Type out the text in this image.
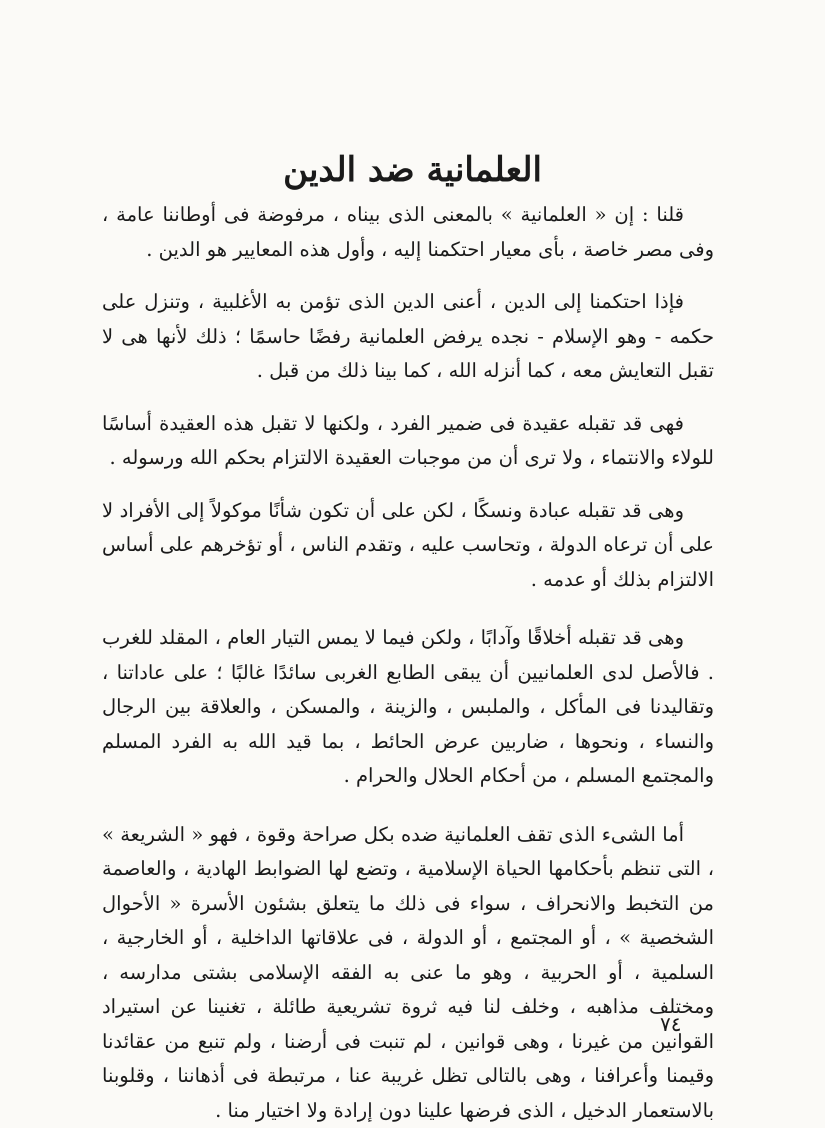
العلمانية ضد الدين

قلنا : إن « العلمانية » بالمعنى الذى بيناه ، مرفوضة فى أوطاننا عامة ، وفى مصر خاصة ، بأى معيار احتكمنا إليه ، وأول هذه المعايير هو الدين .

فإذا احتكمنا إلى الدين ، أعنى الدين الذى تؤمن به الأغلبية ، وتنزل على حكمه - وهو الإسلام - نجده يرفض العلمانية رفضًا حاسمًا ؛ ذلك لأنها هى لا تقبل التعايش معه ، كما أنزله الله ، كما بينا ذلك من قبل .

فهى قد تقبله عقيدة فى ضمير الفرد ، ولكنها لا تقبل هذه العقيدة أساسًا للولاء والانتماء ، ولا ترى أن من موجبات العقيدة الالتزام بحكم الله ورسوله .

وهى قد تقبله عبادة ونسكًا ، لكن على أن تكون شأنًا موكولاً إلى الأفراد لا على أن ترعاه الدولة ، وتحاسب عليه ، وتقدم الناس ، أو تؤخرهم على أساس الالتزام بذلك أو عدمه .

وهى قد تقبله أخلاقًا وآدابًا ، ولكن فيما لا يمس التيار العام ، المقلد للغرب . فالأصل لدى العلمانيين أن يبقى الطابع الغربى سائدًا غالبًا ؛ على عاداتنا ، وتقاليدنا فى المأكل ، والملبس ، والزينة ، والمسكن ، والعلاقة بين الرجال والنساء ، ونحوها ، ضاربين عرض الحائط ، بما قيد الله به الفرد المسلم والمجتمع المسلم ، من أحكام الحلال والحرام .

أما الشىء الذى تقف العلمانية ضده بكل صراحة وقوة ، فهو « الشريعة » ، التى تنظم بأحكامها الحياة الإسلامية ، وتضع لها الضوابط الهادية ، والعاصمة من التخبط والانحراف ، سواء فى ذلك ما يتعلق بشئون الأسرة « الأحوال الشخصية » ، أو المجتمع ، أو الدولة ، فى علاقاتها الداخلية ، أو الخارجية ، السلمية ، أو الحربية ، وهو ما عنى به الفقه الإسلامى بشتى مدارسه ، ومختلف مذاهبه ، وخلف لنا فيه ثروة تشريعية طائلة ، تغنينا عن استيراد القوانين من غيرنا ، وهى قوانين ، لم تنبت فى أرضنا ، ولم تنبع من عقائدنا وقيمنا وأعرافنا ، وهى بالتالى تظل غريبة عنا ، مرتبطة فى أذهاننا ، وقلوبنا بالاستعمار الدخيل ، الذى فرضها علينا دون إرادة ولا اختيار منا .

٧٤
